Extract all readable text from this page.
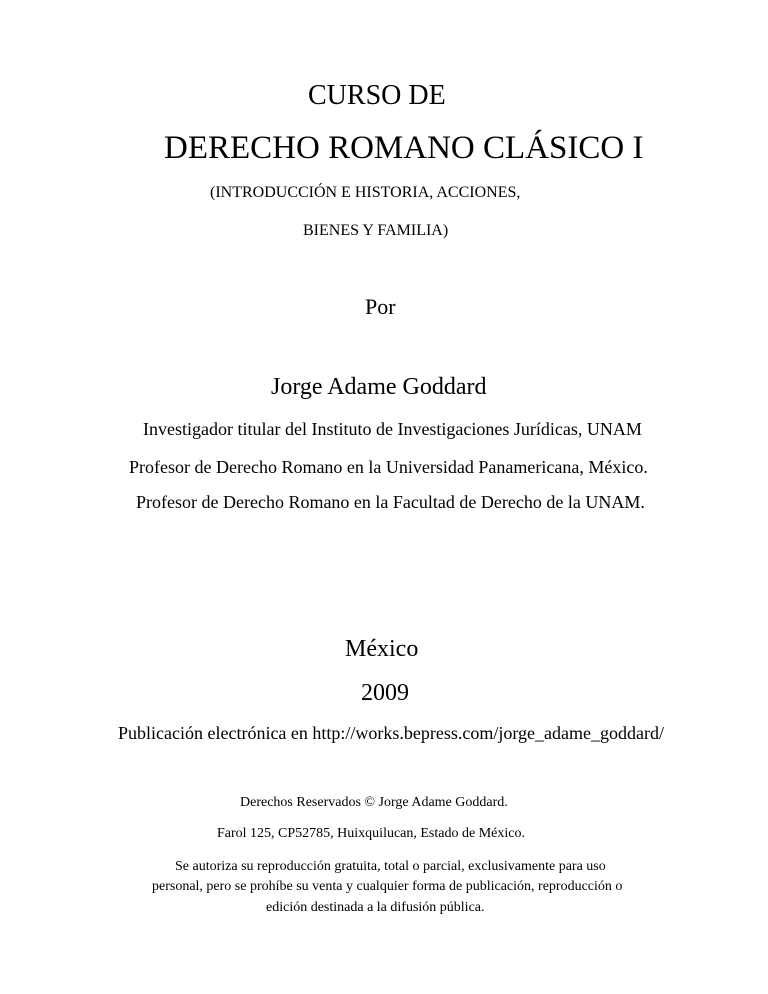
CURSO DE
DERECHO ROMANO CLÁSICO I
(INTRODUCCIÓN E HISTORIA, ACCIONES,
BIENES Y FAMILIA)
Por
Jorge Adame Goddard
Investigador titular del Instituto de Investigaciones Jurídicas, UNAM
Profesor de Derecho Romano en la Universidad Panamericana, México.
Profesor de Derecho Romano en la Facultad de Derecho de la UNAM.
México
2009
Publicación electrónica en http://works.bepress.com/jorge_adame_goddard/
Derechos Reservados © Jorge Adame Goddard.
Farol 125, CP52785, Huixquilucan, Estado de México.
Se autoriza su reproducción gratuita, total o parcial, exclusivamente para uso
personal, pero se prohíbe su venta y cualquier forma de publicación, reproducción o
edición destinada a la difusión pública.
